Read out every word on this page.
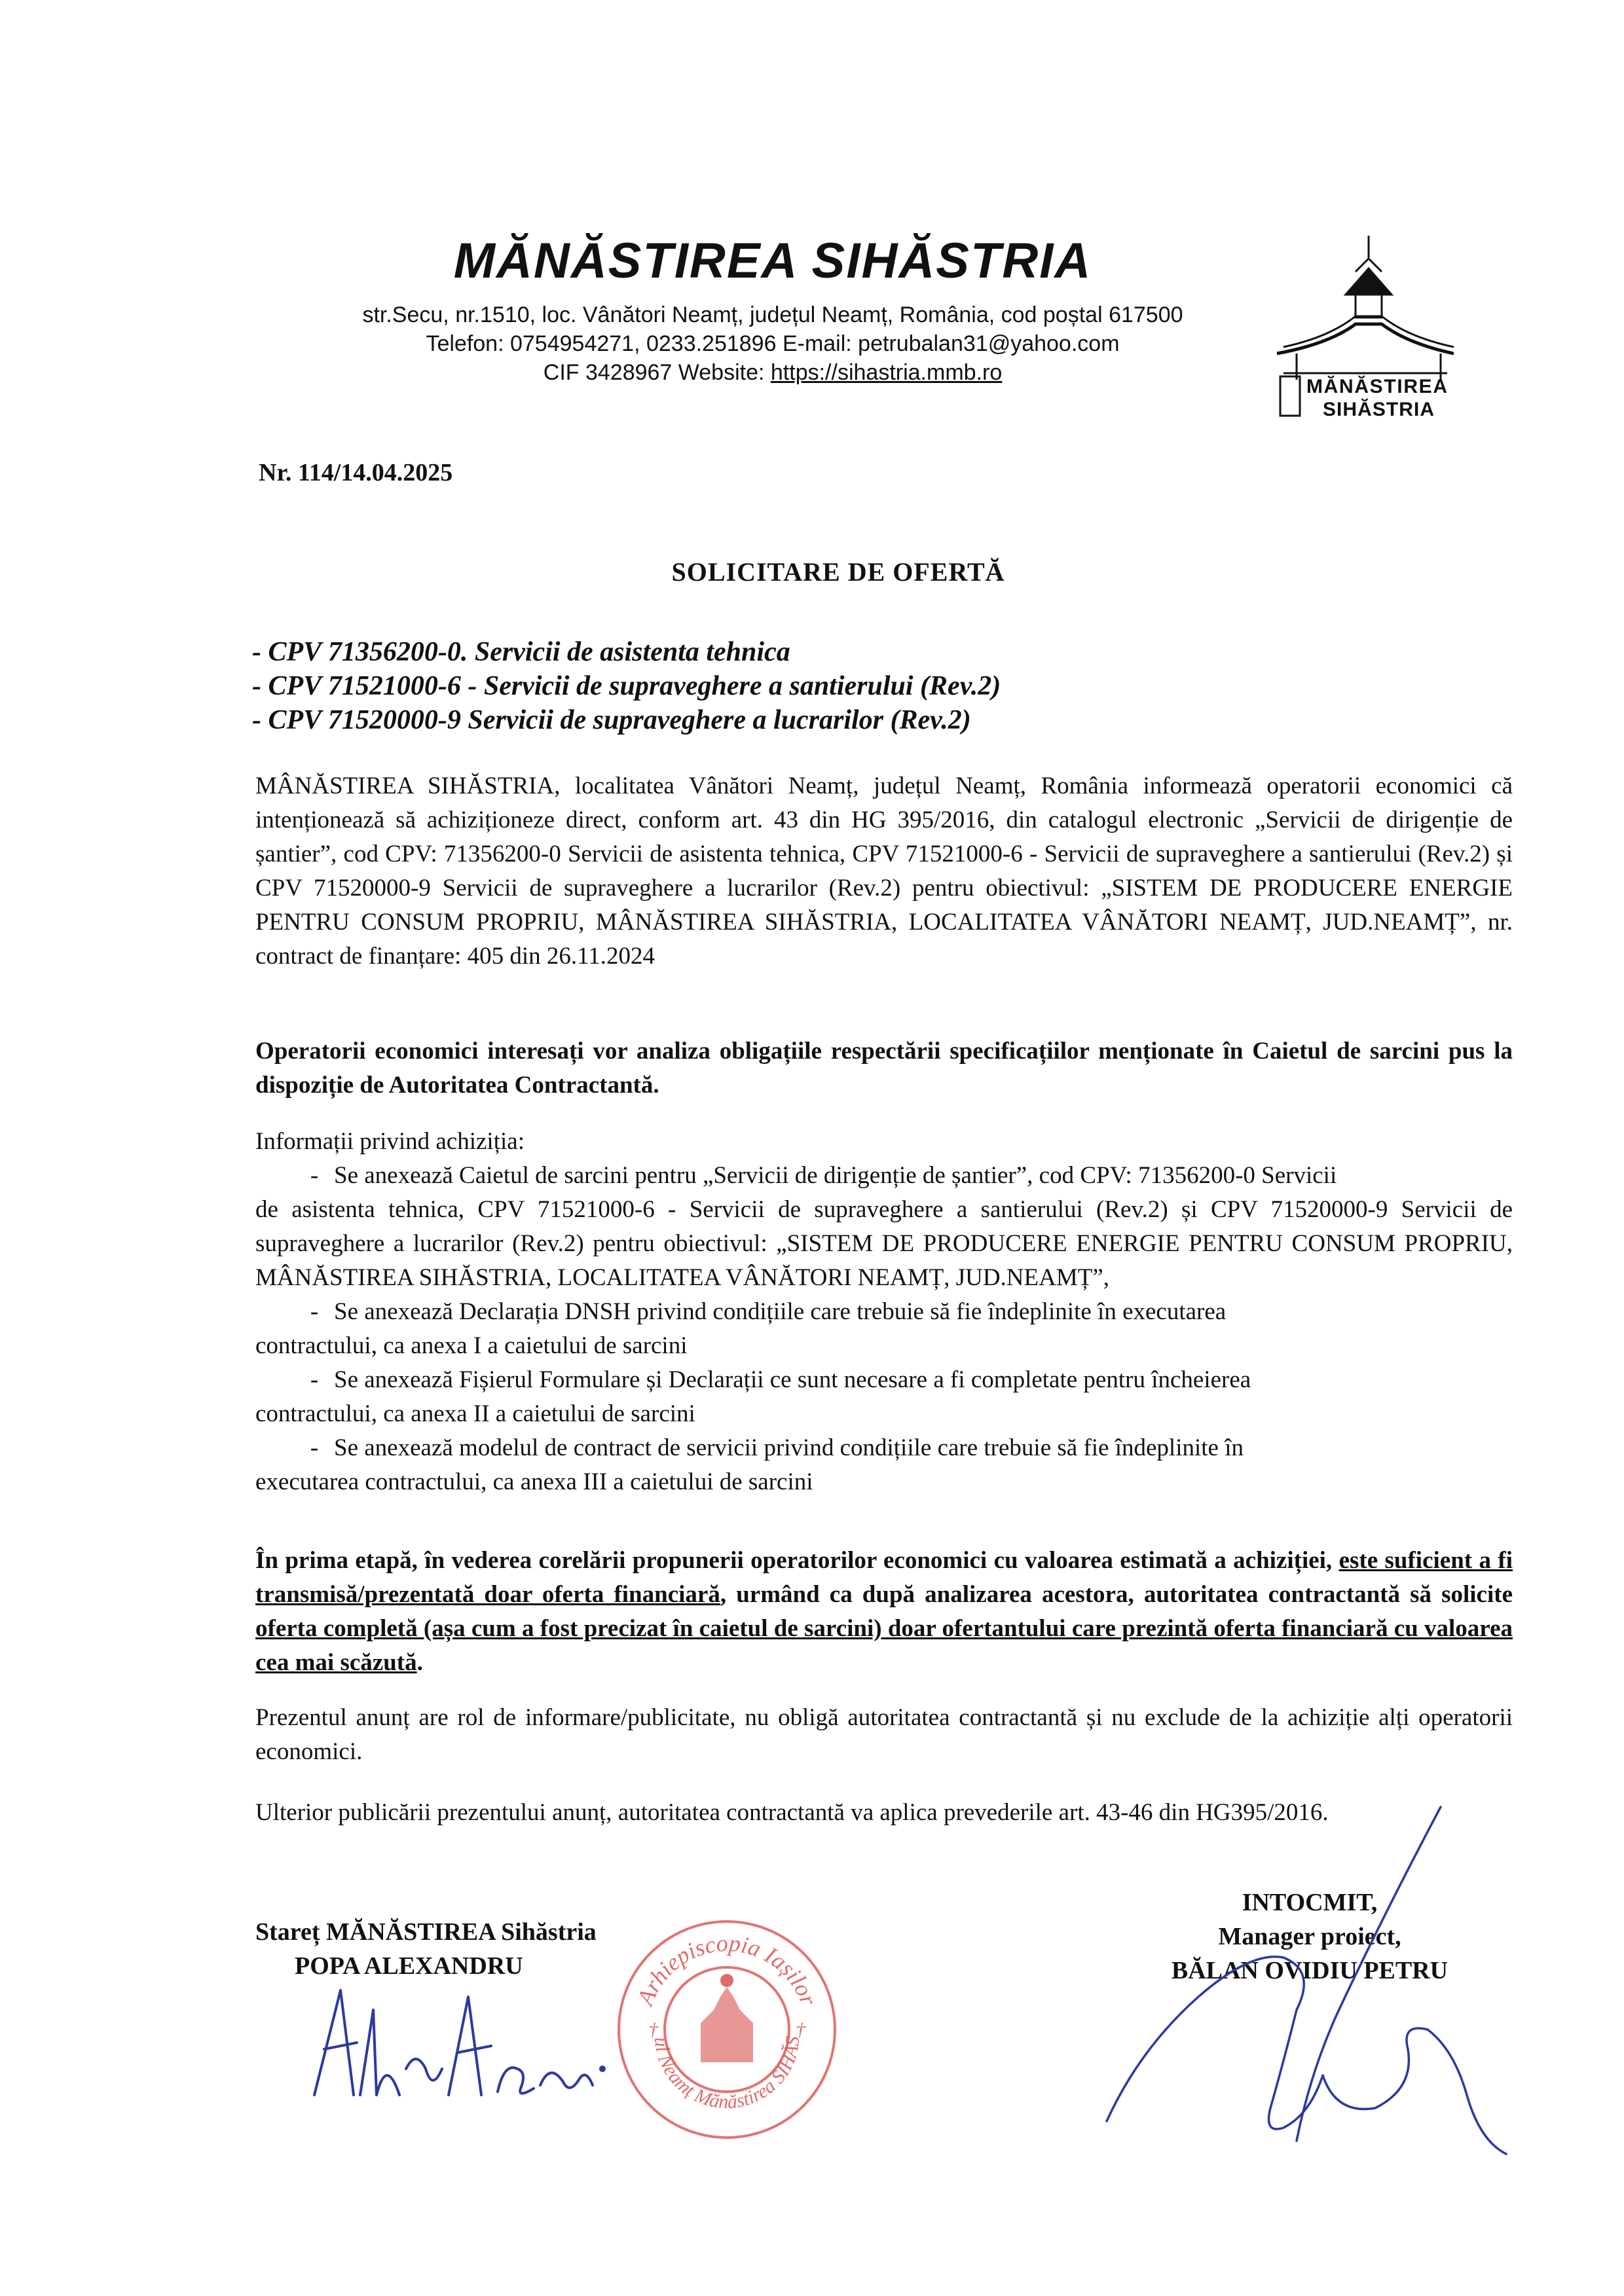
MĂNĂSTIREA SIHĂSTRIA
str.Secu, nr.1510, loc. Vânători Neamț, județul Neamț, România, cod poștal 617500
Telefon: 0754954271, 0233.251896 E-mail: petrubalan31@yahoo.com
CIF 3428967 Website: https://sihastria.mmb.ro
MĂNĂSTIREA
SIHĂSTRIA
Nr. 114/14.04.2025
SOLICITARE DE OFERTĂ
- CPV 71356200-0. Servicii de asistenta tehnica
- CPV 71521000-6 - Servicii de supraveghere a santierului (Rev.2)
- CPV 71520000-9 Servicii de supraveghere a lucrarilor (Rev.2)

MÂNĂSTIREA SIHĂSTRIA, localitatea Vânători Neamț, județul Neamț, România informează operatorii economici că intenționează să achiziționeze direct, conform art. 43 din HG 395/2016, din catalogul electronic „Servicii de dirigenție de șantier”, cod CPV: 71356200-0 Servicii de asistenta tehnica, CPV 71521000-6 - Servicii de supraveghere a santierului (Rev.2) și CPV 71520000-9 Servicii de supraveghere a lucrarilor (Rev.2) pentru obiectivul: „SISTEM DE PRODUCERE ENERGIE PENTRU CONSUM PROPRIU, MÂNĂSTIREA SIHĂSTRIA, LOCALITATEA VÂNĂTORI NEAMȚ, JUD.NEAMȚ”, nr. contract de finanțare: 405 din 26.11.2024

Operatorii economici interesați vor analiza obligațiile respectării specificațiilor menționate în Caietul de sarcini pus la dispoziție de Autoritatea Contractantă.

Informații privind achiziția:

- Se anexează Caietul de sarcini pentru „Servicii de dirigenție de șantier”, cod CPV: 71356200-0 Servicii

de asistenta tehnica, CPV 71521000-6 - Servicii de supraveghere a santierului (Rev.2) și CPV 71520000-9 Servicii de supraveghere a lucrarilor (Rev.2) pentru obiectivul: „SISTEM DE PRODUCERE ENERGIE PENTRU CONSUM PROPRIU, MÂNĂSTIREA SIHĂSTRIA, LOCALITATEA VÂNĂTORI NEAMȚ, JUD.NEAMȚ”,

- Se anexează Declarația DNSH privind condițiile care trebuie să fie îndeplinite în executarea

contractului, ca anexa I a caietului de sarcini

- Se anexează Fișierul Formulare și Declarații ce sunt necesare a fi completate pentru încheierea

contractului, ca anexa II a caietului de sarcini

- Se anexează modelul de contract de servicii privind condițiile care trebuie să fie îndeplinite în

executarea contractului, ca anexa III a caietului de sarcini

În prima etapă, în vederea corelării propunerii operatorilor economici cu valoarea estimată a achiziției, este suficient a fi transmisă/prezentată doar oferta financiară, urmând ca după analizarea acestora, autoritatea contractantă să solicite oferta completă (așa cum a fost precizat în caietul de sarcini) doar ofertantului care prezintă oferta financiară cu valoarea cea mai scăzută.

Prezentul anunț are rol de informare/publicitate, nu obligă autoritatea contractantă și nu exclude de la achiziție alți operatorii economici.

Ulterior publicării prezentului anunț, autoritatea contractantă va aplica prevederile art. 43-46 din HG395/2016.

Stareț MĂNĂSTIREA Sihăstria
POPA ALEXANDRU
INTOCMIT,
Manager proiect,
BĂLAN OVIDIU PETRU
Arhiepiscopia Iașilor
ul Neamț Mănăstirea SIHĂS
†	†
